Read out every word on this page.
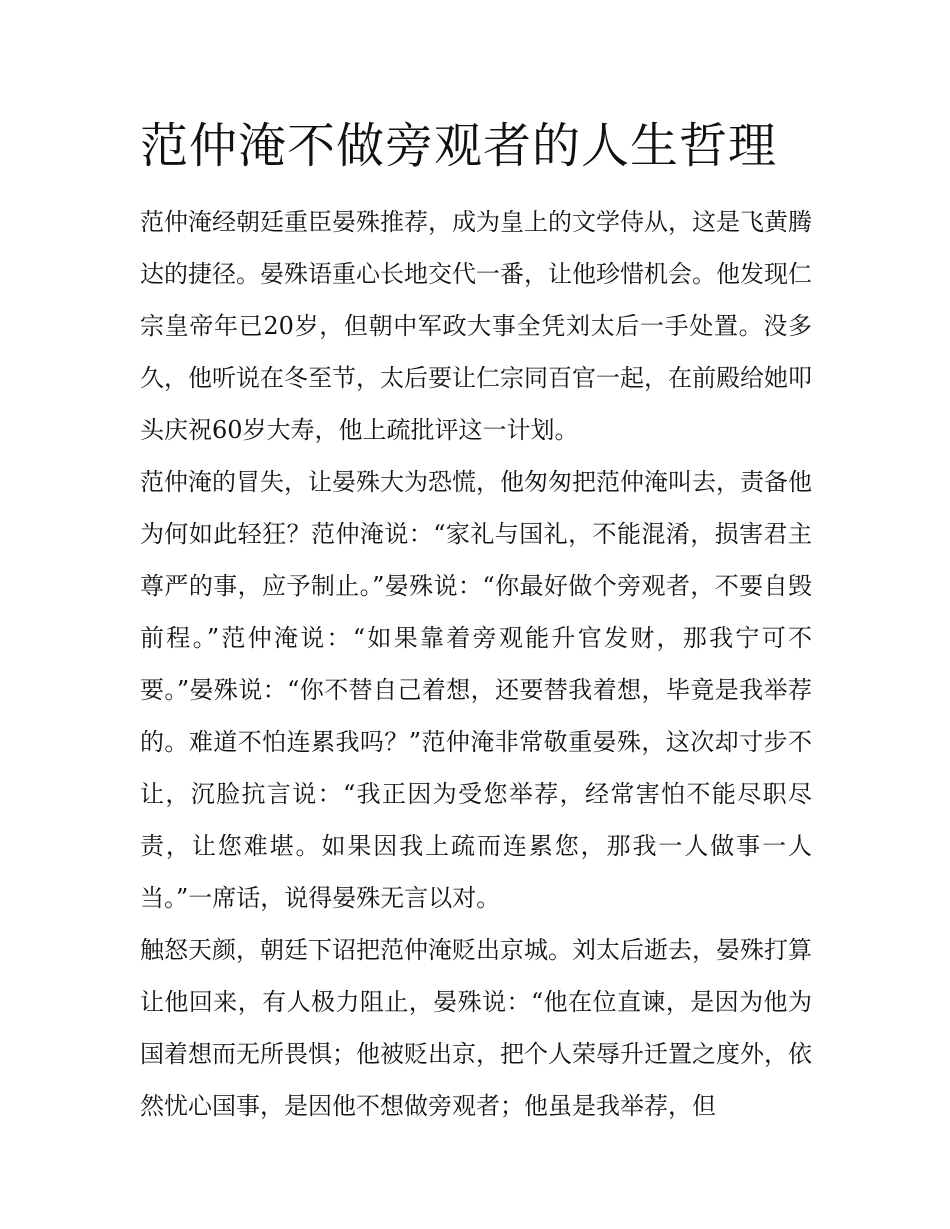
范仲淹不做旁观者的人生哲理

范仲淹经朝廷重臣晏殊推荐，成为皇上的文学侍从，这是飞黄腾达的捷径。晏殊语重心长地交代一番，让他珍惜机会。他发现仁宗皇帝年已20岁，但朝中军政大事全凭刘太后一手处置。没多久，他听说在冬至节，太后要让仁宗同百官一起，在前殿给她叩头庆祝60岁大寿，他上疏批评这一计划。

范仲淹的冒失，让晏殊大为恐慌，他匆匆把范仲淹叫去，责备他为何如此轻狂？范仲淹说：“家礼与国礼，不能混淆，损害君主尊严的事，应予制止。”晏殊说：“你最好做个旁观者，不要自毁前程。”范仲淹说：“如果靠着旁观能升官发财，那我宁可不要。”晏殊说：“你不替自己着想，还要替我着想，毕竟是我举荐的。难道不怕连累我吗？”范仲淹非常敬重晏殊，这次却寸步不让，沉脸抗言说：“我正因为受您举荐，经常害怕不能尽职尽责，让您难堪。如果因我上疏而连累您，那我一人做事一人当。”一席话，说得晏殊无言以对。

触怒天颜，朝廷下诏把范仲淹贬出京城。刘太后逝去，晏殊打算让他回来，有人极力阻止，晏殊说：“他在位直谏，是因为他为国着想而无所畏惧；他被贬出京，把个人荣辱升迁置之度外，依然忧心国事，是因他不想做旁观者；他虽是我举荐，但
